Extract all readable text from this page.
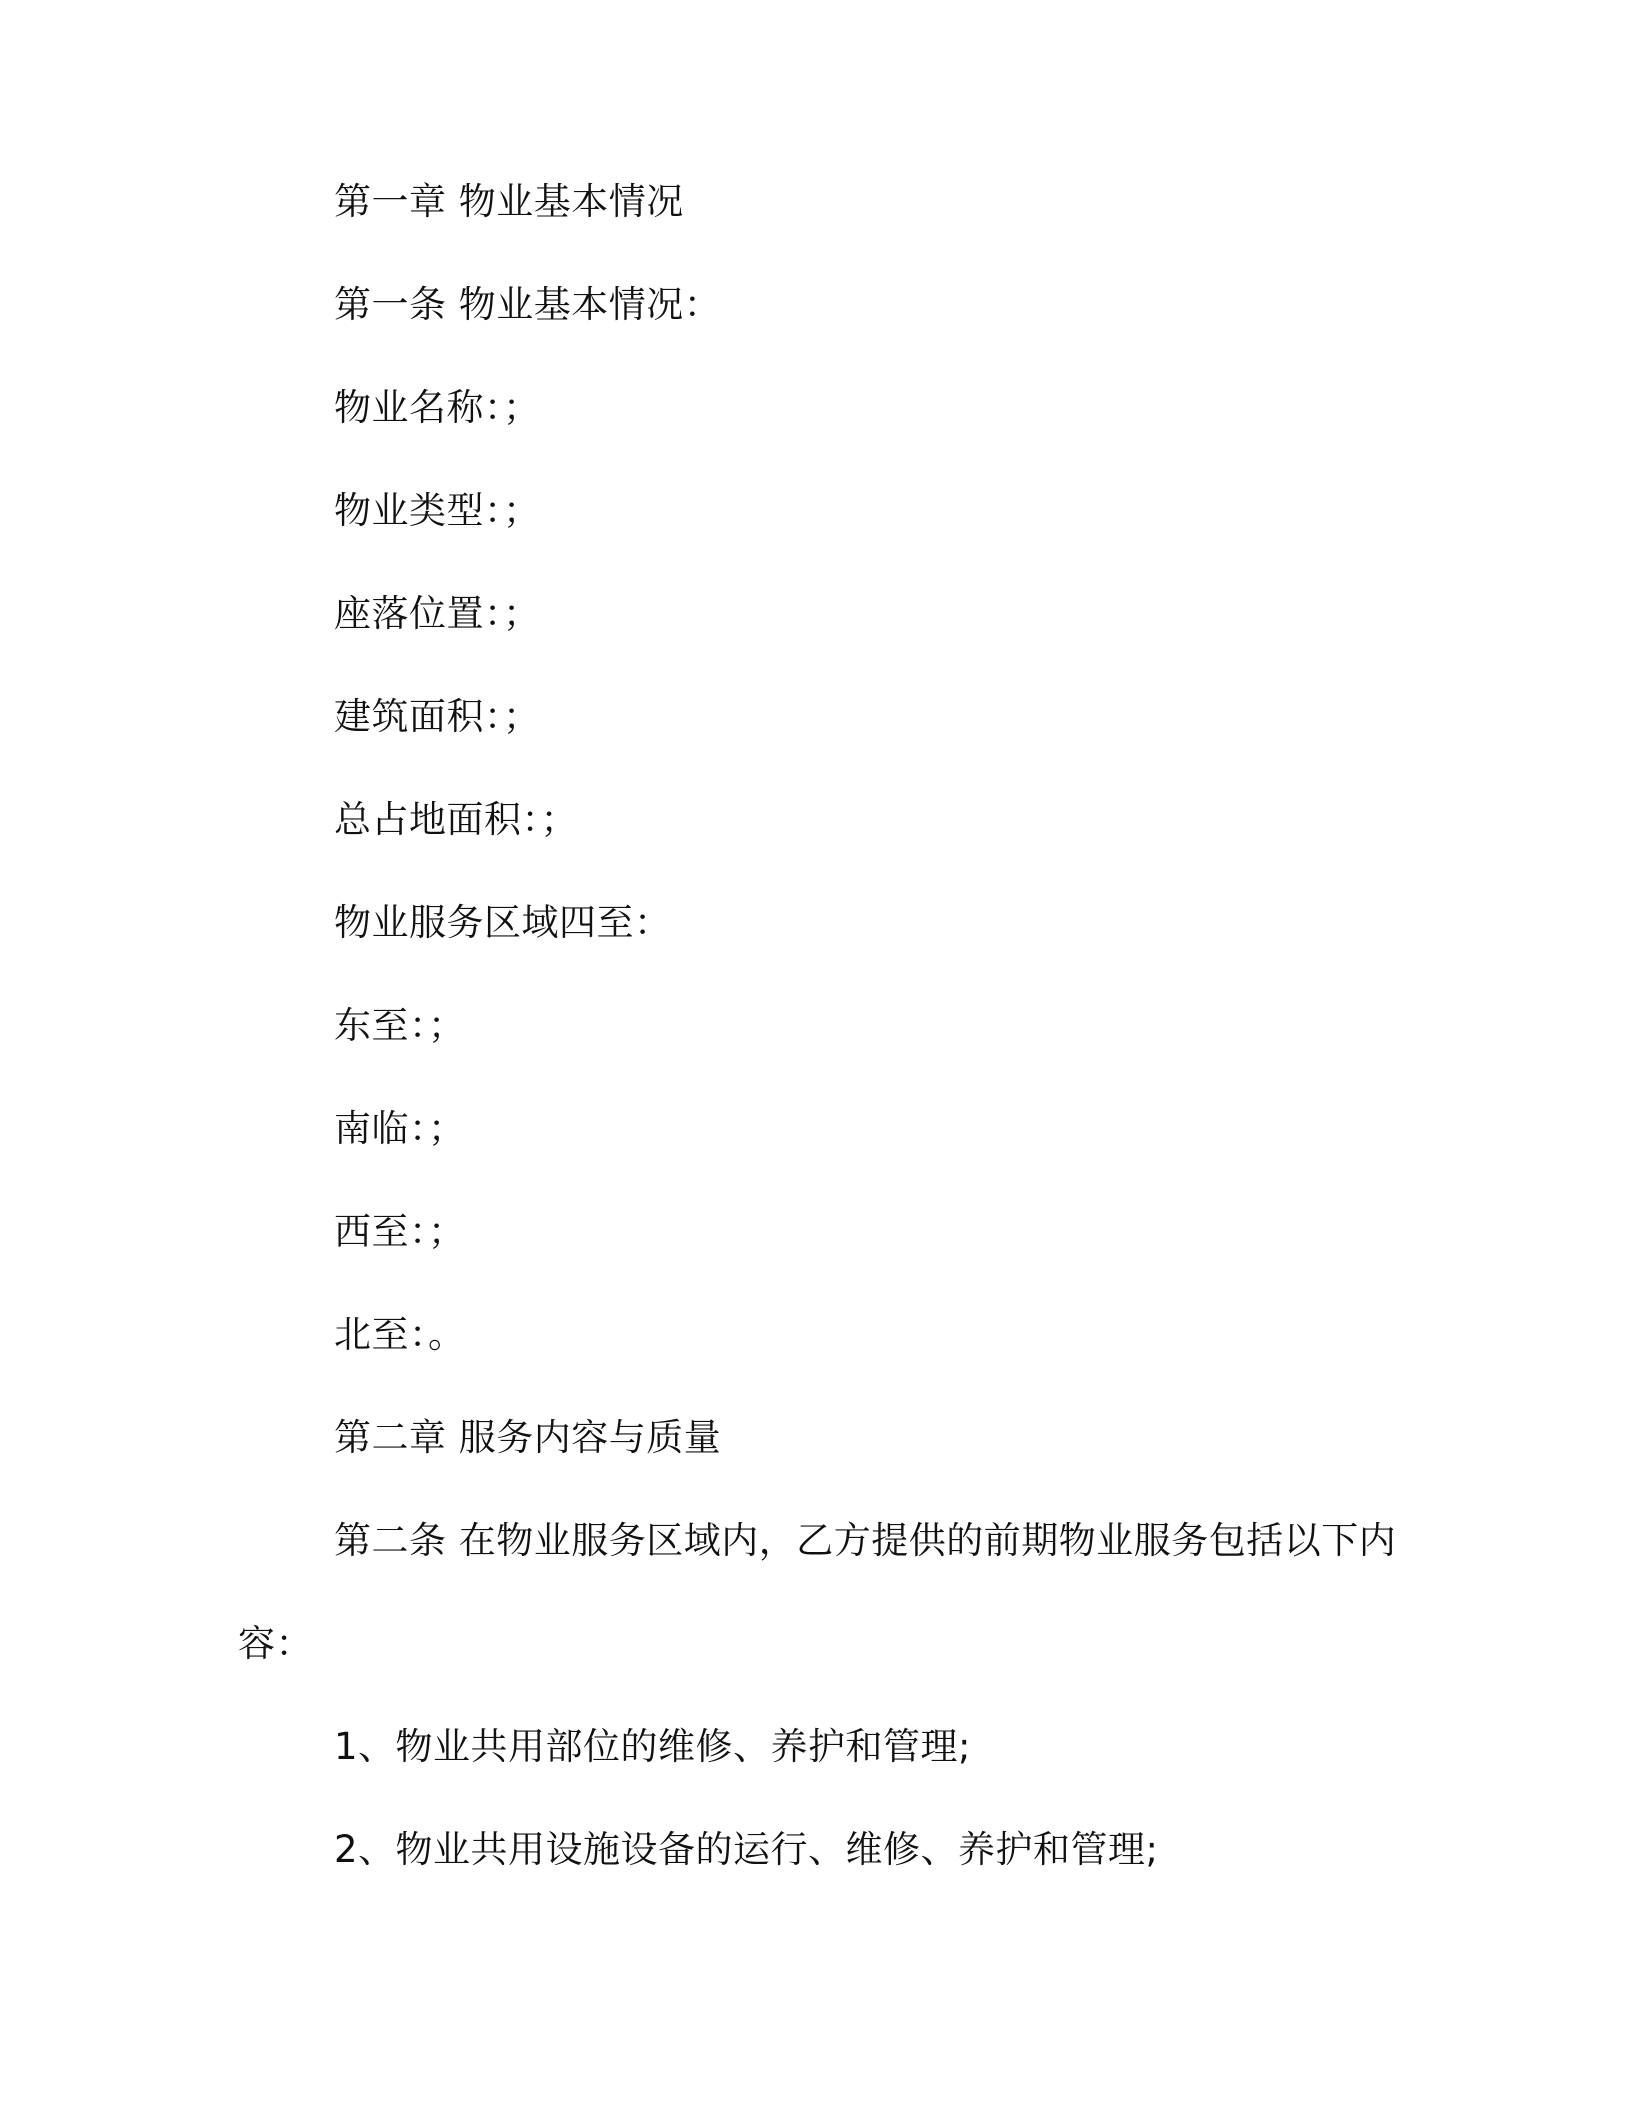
第一章 物业基本情况
第一条 物业基本情况：
物业名称：；
物业类型：；
座落位置：；
建筑面积：；
总占地面积：；
物业服务区域四至：
东至：；
南临：；
西至：；
北至：。
第二章 服务内容与质量
第二条 在物业服务区域内，乙方提供的前期物业服务包括以下内
容：
1、物业共用部位的维修、养护和管理;
2、物业共用设施设备的运行、维修、养护和管理;
